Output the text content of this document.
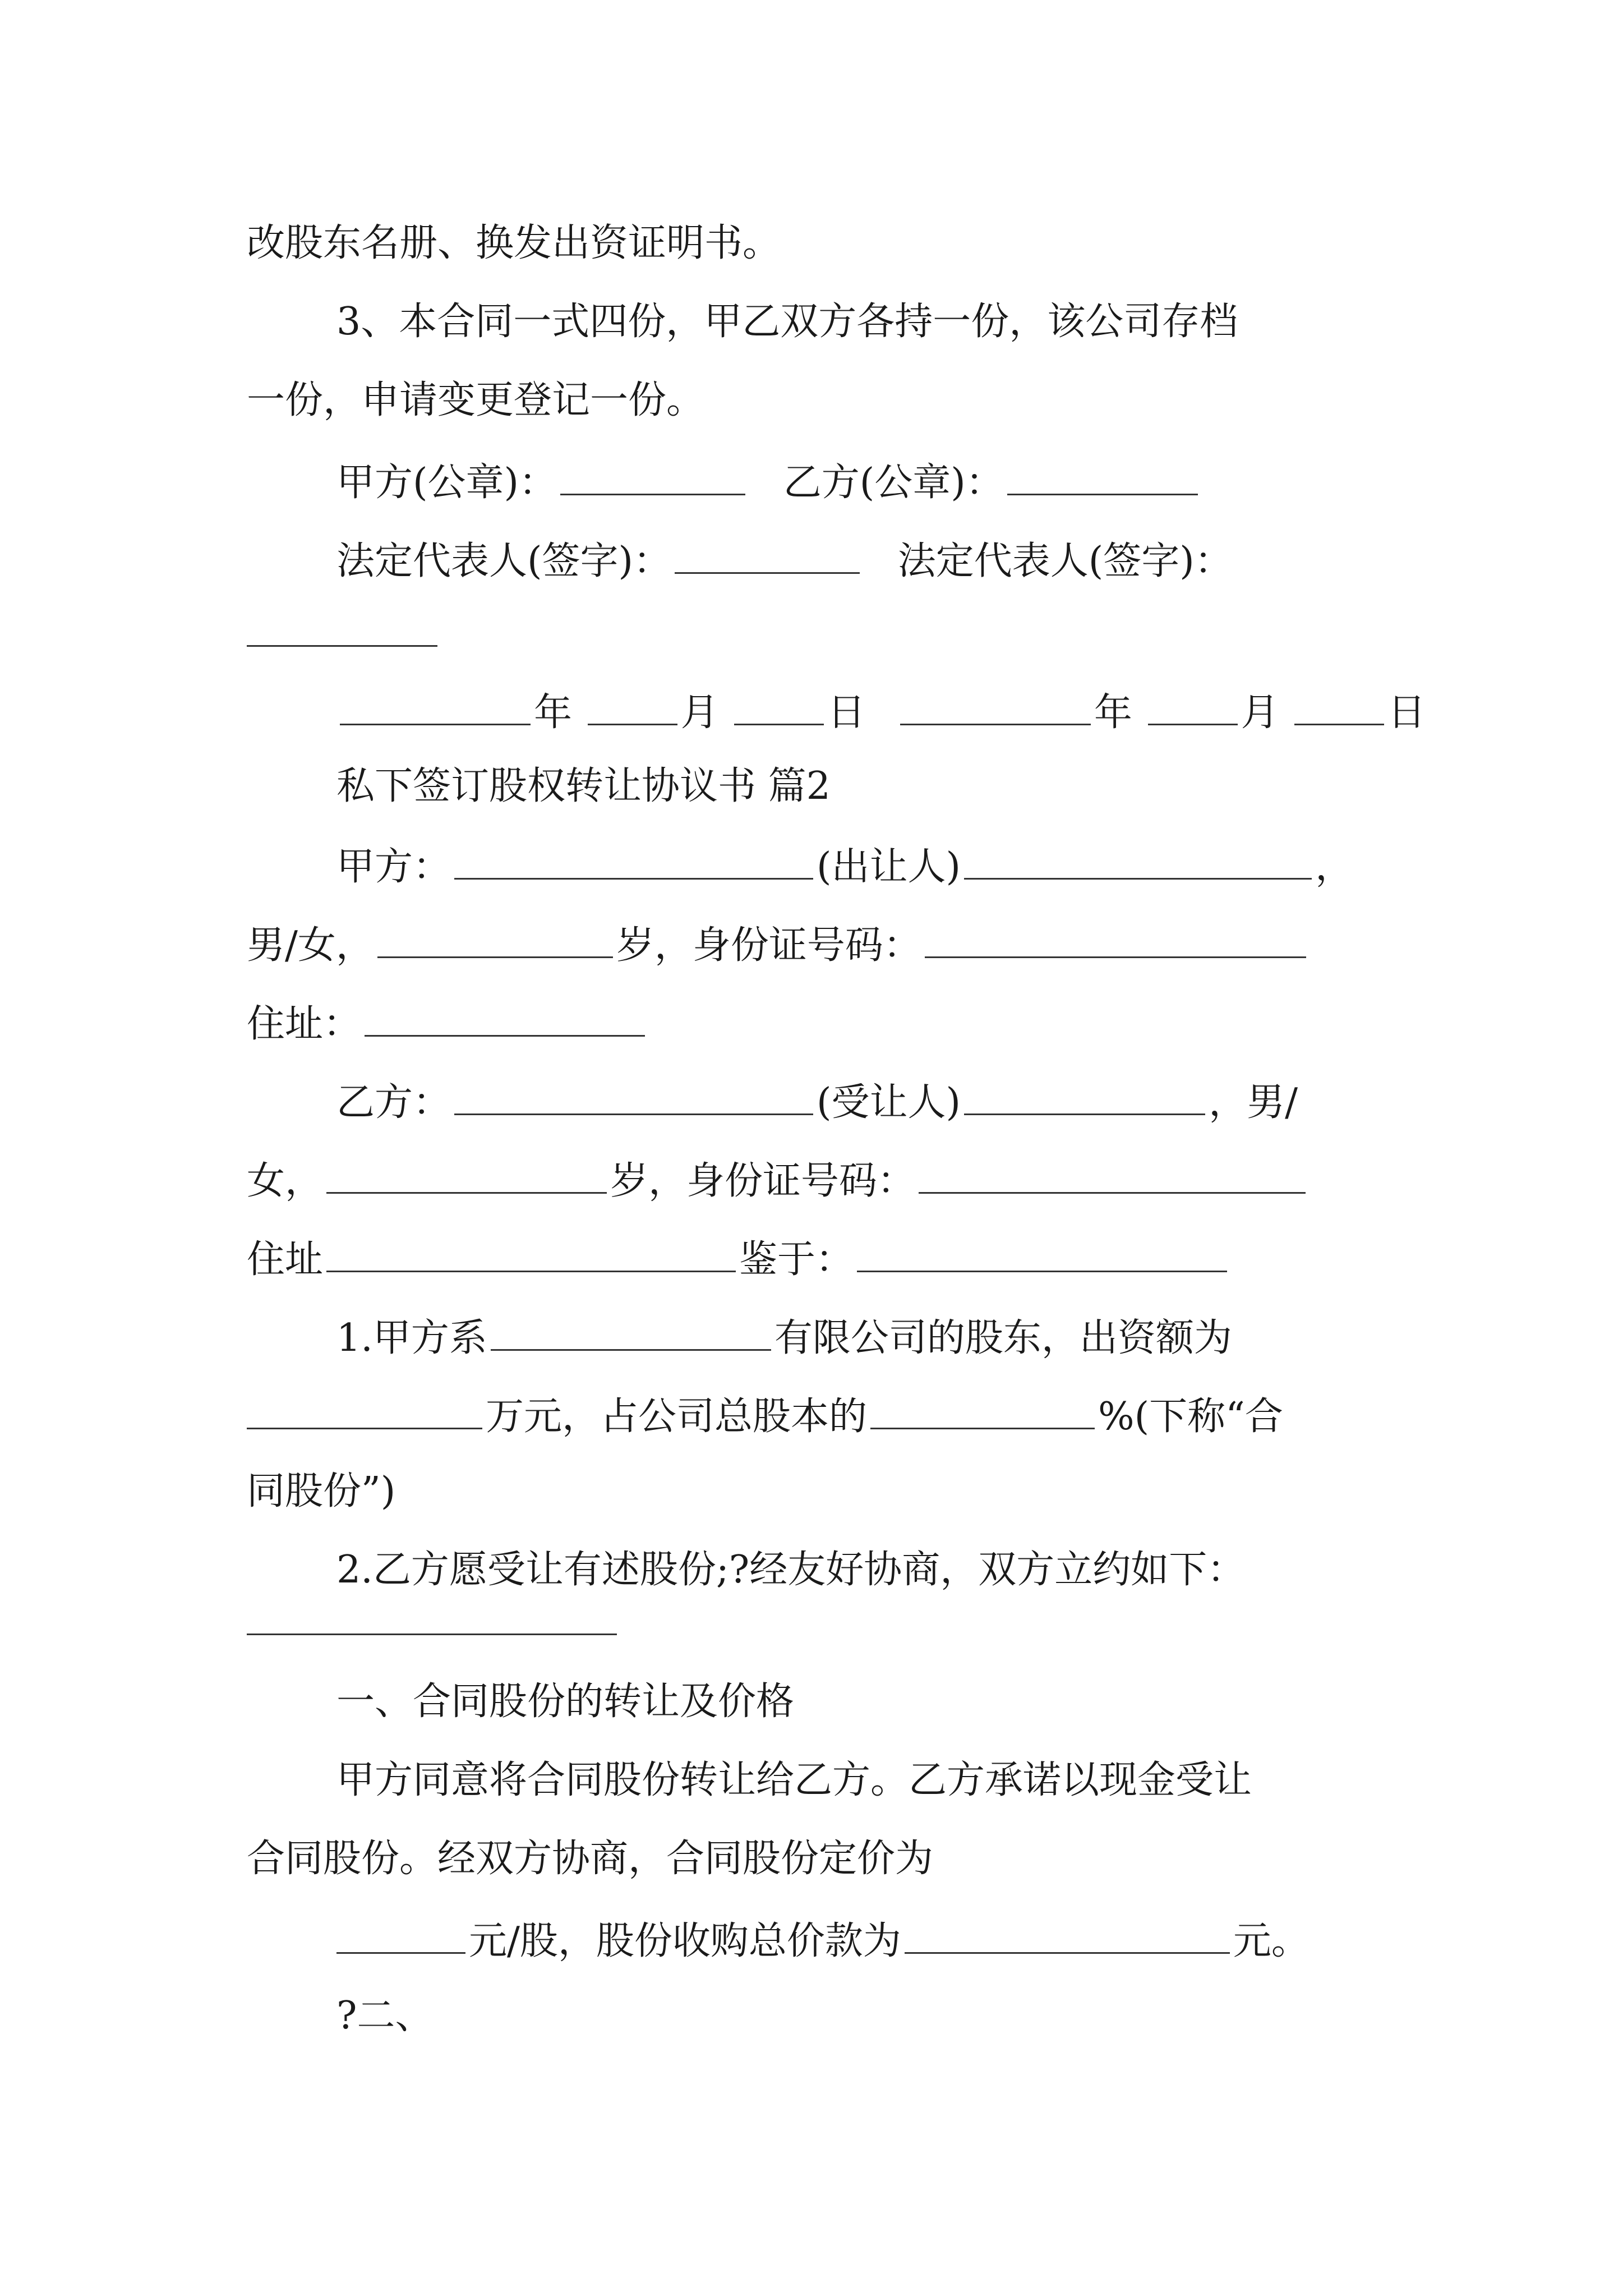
改股东名册、换发出资证明书。
3、本合同一式四份，甲乙双方各持一份，该公司存档
一份，申请变更登记一份。
甲方(公章)：	乙方(公章)：
法定代表人(签字)：	法定代表人(签字)：
年	月	日	年	月	日
私下签订股权转让协议书 篇2
甲方：	(出让人)	，
男/女，	岁，身份证号码：
住址：
乙方：	(受让人)	，男/
女，	岁，身份证号码：
住址	鉴于：
1.甲方系	有限公司的股东，出资额为
万元，占公司总股本的	%(下称“合
同股份”)
2.乙方愿受让有述股份;?经友好协商，双方立约如下：
一、合同股份的转让及价格
甲方同意将合同股份转让给乙方。乙方承诺以现金受让
合同股份。经双方协商，合同股份定价为
元/股，股份收购总价款为	元。
?二、
